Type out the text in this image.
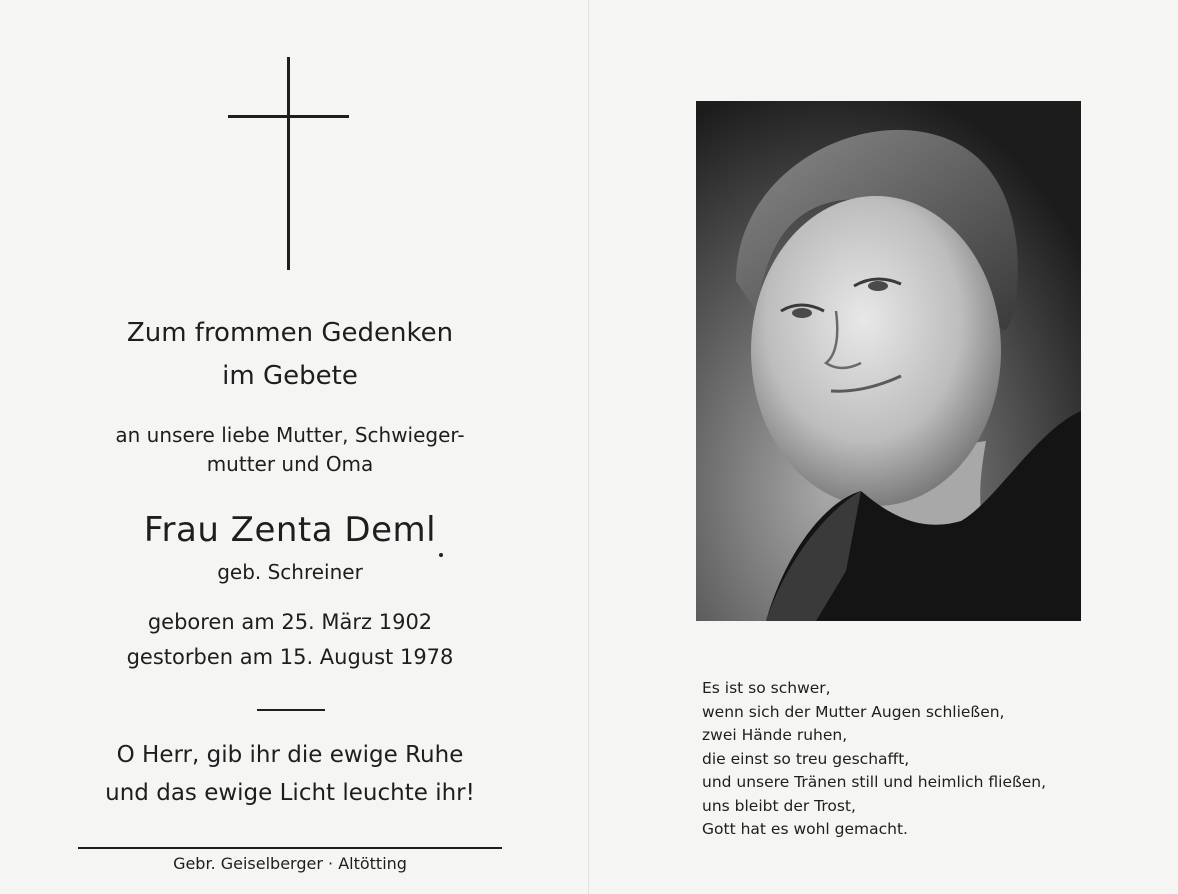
Zum frommen Gedenken
im Gebete
an unsere liebe Mutter, Schwieger-
mutter und Oma
Frau Zenta Deml
geb. Schreiner
geboren am 25. März 1902
gestorben am 15. August 1978
O Herr, gib ihr die ewige Ruhe
und das ewige Licht leuchte ihr!
Gebr. Geiselberger · Altötting
Es ist so schwer,
wenn sich der Mutter Augen schließen,
zwei Hände ruhen,
die einst so treu geschafft,
und unsere Tränen still und heimlich fließen,
uns bleibt der Trost,
Gott hat es wohl gemacht.
